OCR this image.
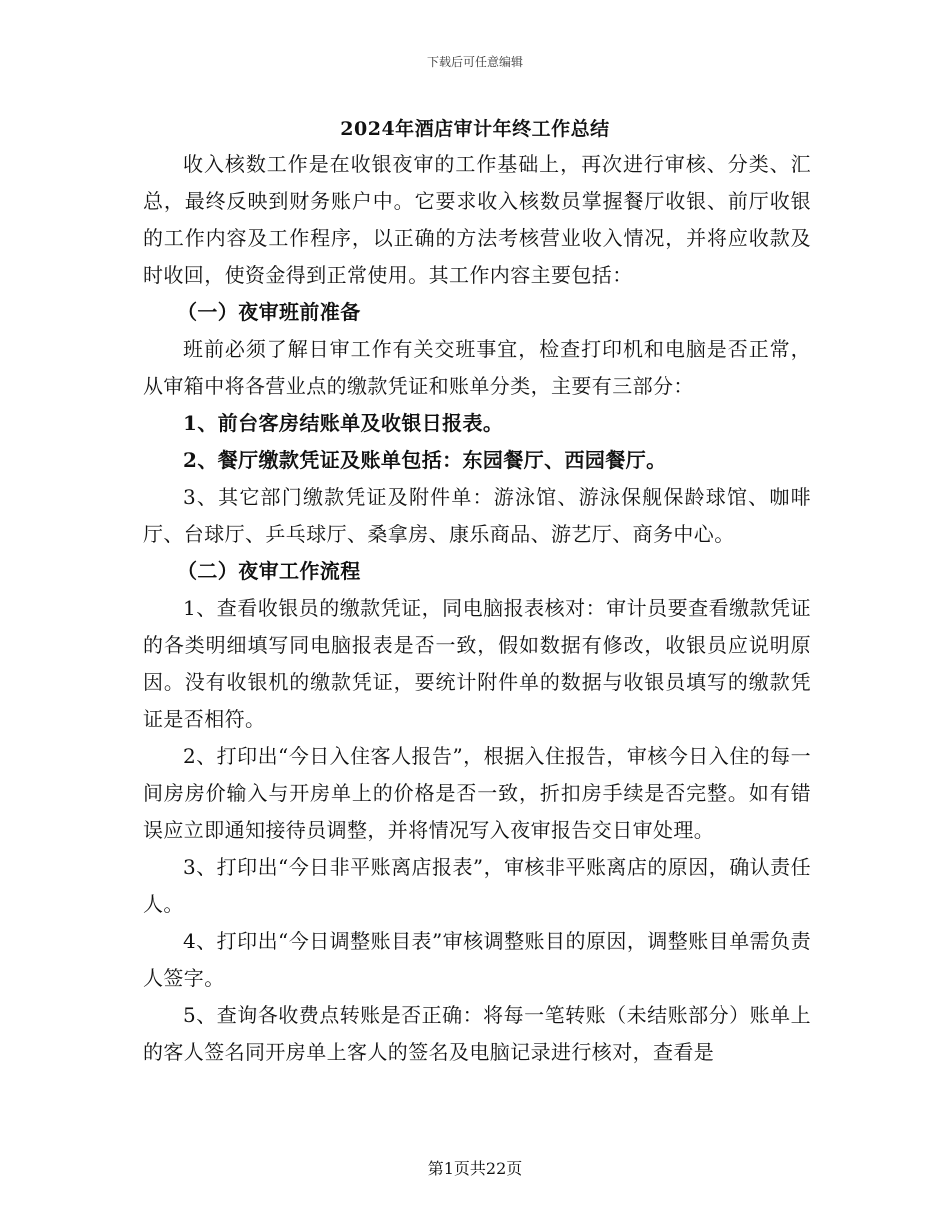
下载后可任意编辑
2024年酒店审计年终工作总结

收入核数工作是在收银夜审的工作基础上，再次进行审核、分类、汇总，最终反映到财务账户中。它要求收入核数员掌握餐厅收银、前厅收银的工作内容及工作程序，以正确的方法考核营业收入情况，并将应收款及时收回，使资金得到正常使用。其工作内容主要包括：

（一）夜审班前准备

班前必须了解日审工作有关交班事宜，检查打印机和电脑是否正常，从审箱中将各营业点的缴款凭证和账单分类，主要有三部分：

1、前台客房结账单及收银日报表。

2、餐厅缴款凭证及账单包括：东园餐厅、西园餐厅。

3、其它部门缴款凭证及附件单：游泳馆、游泳保舰保龄球馆、咖啡厅、台球厅、乒乓球厅、桑拿房、康乐商品、游艺厅、商务中心。

（二）夜审工作流程

1、查看收银员的缴款凭证，同电脑报表核对：审计员要查看缴款凭证的各类明细填写同电脑报表是否一致，假如数据有修改，收银员应说明原因。没有收银机的缴款凭证，要统计附件单的数据与收银员填写的缴款凭证是否相符。

2、打印出“今日入住客人报告”，根据入住报告，审核今日入住的每一间房房价输入与开房单上的价格是否一致，折扣房手续是否完整。如有错误应立即通知接待员调整，并将情况写入夜审报告交日审处理。

3、打印出“今日非平账离店报表”，审核非平账离店的原因，确认责任人。

4、打印出“今日调整账目表”审核调整账目的原因，调整账目单需负责人签字。

5、查询各收费点转账是否正确：将每一笔转账（未结账部分）账单上的客人签名同开房单上客人的签名及电脑记录进行核对，查看是

第1页共22页
